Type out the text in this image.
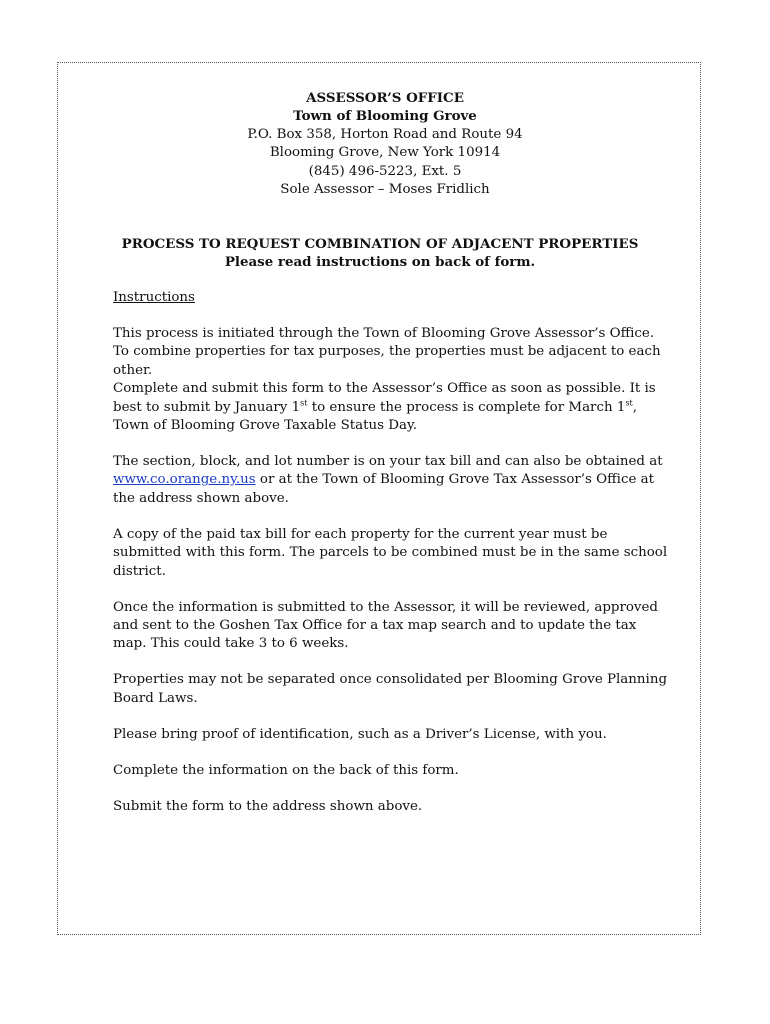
ASSESSOR’S OFFICE
Town of Blooming Grove
P.O. Box 358, Horton Road and Route 94
Blooming Grove, New York 10914
(845) 496-5223, Ext. 5
Sole Assessor – Moses Fridlich
PROCESS TO REQUEST COMBINATION OF ADJACENT PROPERTIES
Please read instructions on back of form.

Instructions

This process is initiated through the Town of Blooming Grove Assessor’s Office.
To combine properties for tax purposes, the properties must be adjacent to each other.
Complete and submit this form to the Assessor’s Office as soon as possible. It is best to submit by January 1st to ensure the process is complete for March 1st, Town of Blooming Grove Taxable Status Day.

The section, block, and lot number is on your tax bill and can also be obtained at www.co.orange.ny.us or at the Town of Blooming Grove Tax Assessor’s Office at the address shown above.

A copy of the paid tax bill for each property for the current year must be submitted with this form. The parcels to be combined must be in the same school district.

Once the information is submitted to the Assessor, it will be reviewed, approved and sent to the Goshen Tax Office for a tax map search and to update the tax map. This could take 3 to 6 weeks.

Properties may not be separated once consolidated per Blooming Grove Planning Board Laws.

Please bring proof of identification, such as a Driver’s License, with you.

Complete the information on the back of this form.

Submit the form to the address shown above.
